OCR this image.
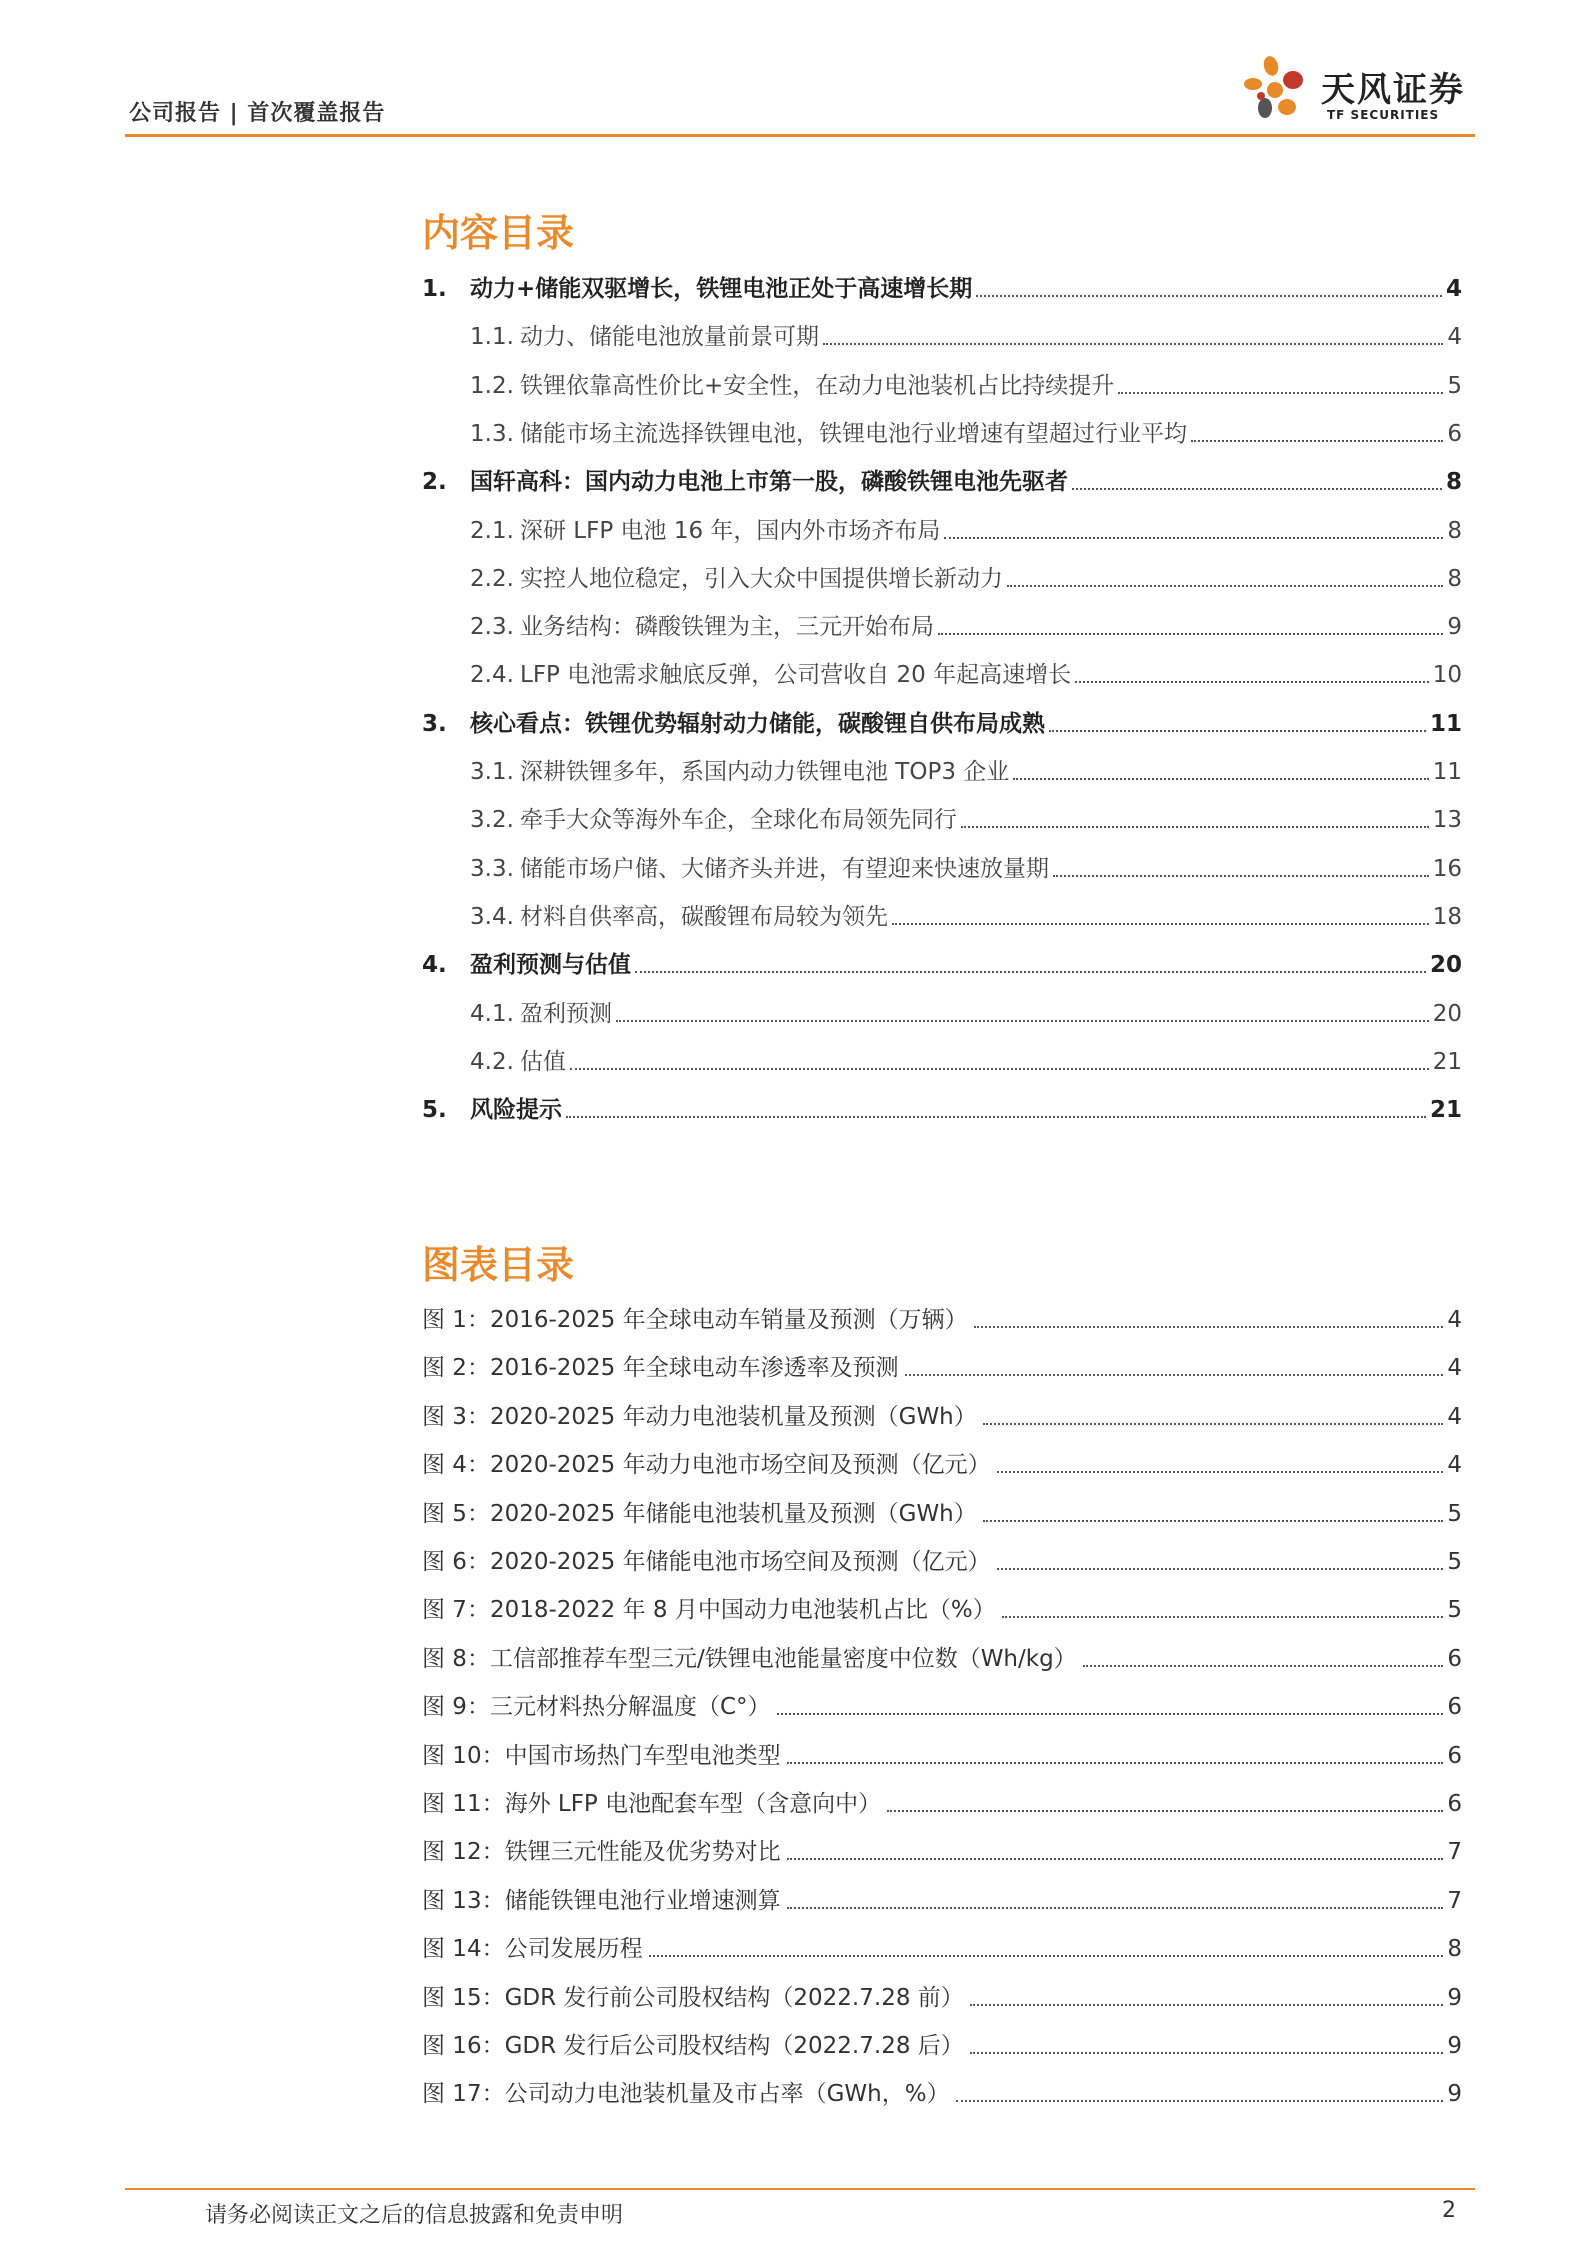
公司报告 | 首次覆盖报告
天风证券
TF SECURITIES
内容目录
1. 动力+储能双驱增长，铁锂电池正处于高速增长期	4
1.1. 动力、储能电池放量前景可期	4
1.2. 铁锂依靠高性价比+安全性，在动力电池装机占比持续提升	5
1.3. 储能市场主流选择铁锂电池，铁锂电池行业增速有望超过行业平均	6
2. 国轩高科：国内动力电池上市第一股，磷酸铁锂电池先驱者	8
2.1. 深研 LFP 电池 16 年，国内外市场齐布局	8
2.2. 实控人地位稳定，引入大众中国提供增长新动力	8
2.3. 业务结构：磷酸铁锂为主，三元开始布局	9
2.4. LFP 电池需求触底反弹，公司营收自 20 年起高速增长	10
3. 核心看点：铁锂优势辐射动力储能，碳酸锂自供布局成熟	11
3.1. 深耕铁锂多年，系国内动力铁锂电池 TOP3 企业	11
3.2. 牵手大众等海外车企，全球化布局领先同行	13
3.3. 储能市场户储、大储齐头并进，有望迎来快速放量期	16
3.4. 材料自供率高，碳酸锂布局较为领先	18
4. 盈利预测与估值	20
4.1. 盈利预测	20
4.2. 估值	21
5. 风险提示	21
图表目录
图 1：2016-2025 年全球电动车销量及预测（万辆）	4
图 2：2016-2025 年全球电动车渗透率及预测	4
图 3：2020-2025 年动力电池装机量及预测（GWh）	4
图 4：2020-2025 年动力电池市场空间及预测（亿元）	4
图 5：2020-2025 年储能电池装机量及预测（GWh）	5
图 6：2020-2025 年储能电池市场空间及预测（亿元）	5
图 7：2018-2022 年 8 月中国动力电池装机占比（%）	5
图 8：工信部推荐车型三元/铁锂电池能量密度中位数（Wh/kg）	6
图 9：三元材料热分解温度（C°）	6
图 10：中国市场热门车型电池类型	6
图 11：海外 LFP 电池配套车型（含意向中）	6
图 12：铁锂三元性能及优劣势对比	7
图 13：储能铁锂电池行业增速测算	7
图 14：公司发展历程	8
图 15：GDR 发行前公司股权结构（2022.7.28 前）	9
图 16：GDR 发行后公司股权结构（2022.7.28 后）	9
图 17：公司动力电池装机量及市占率（GWh，%）	9
请务必阅读正文之后的信息披露和免责申明	2
